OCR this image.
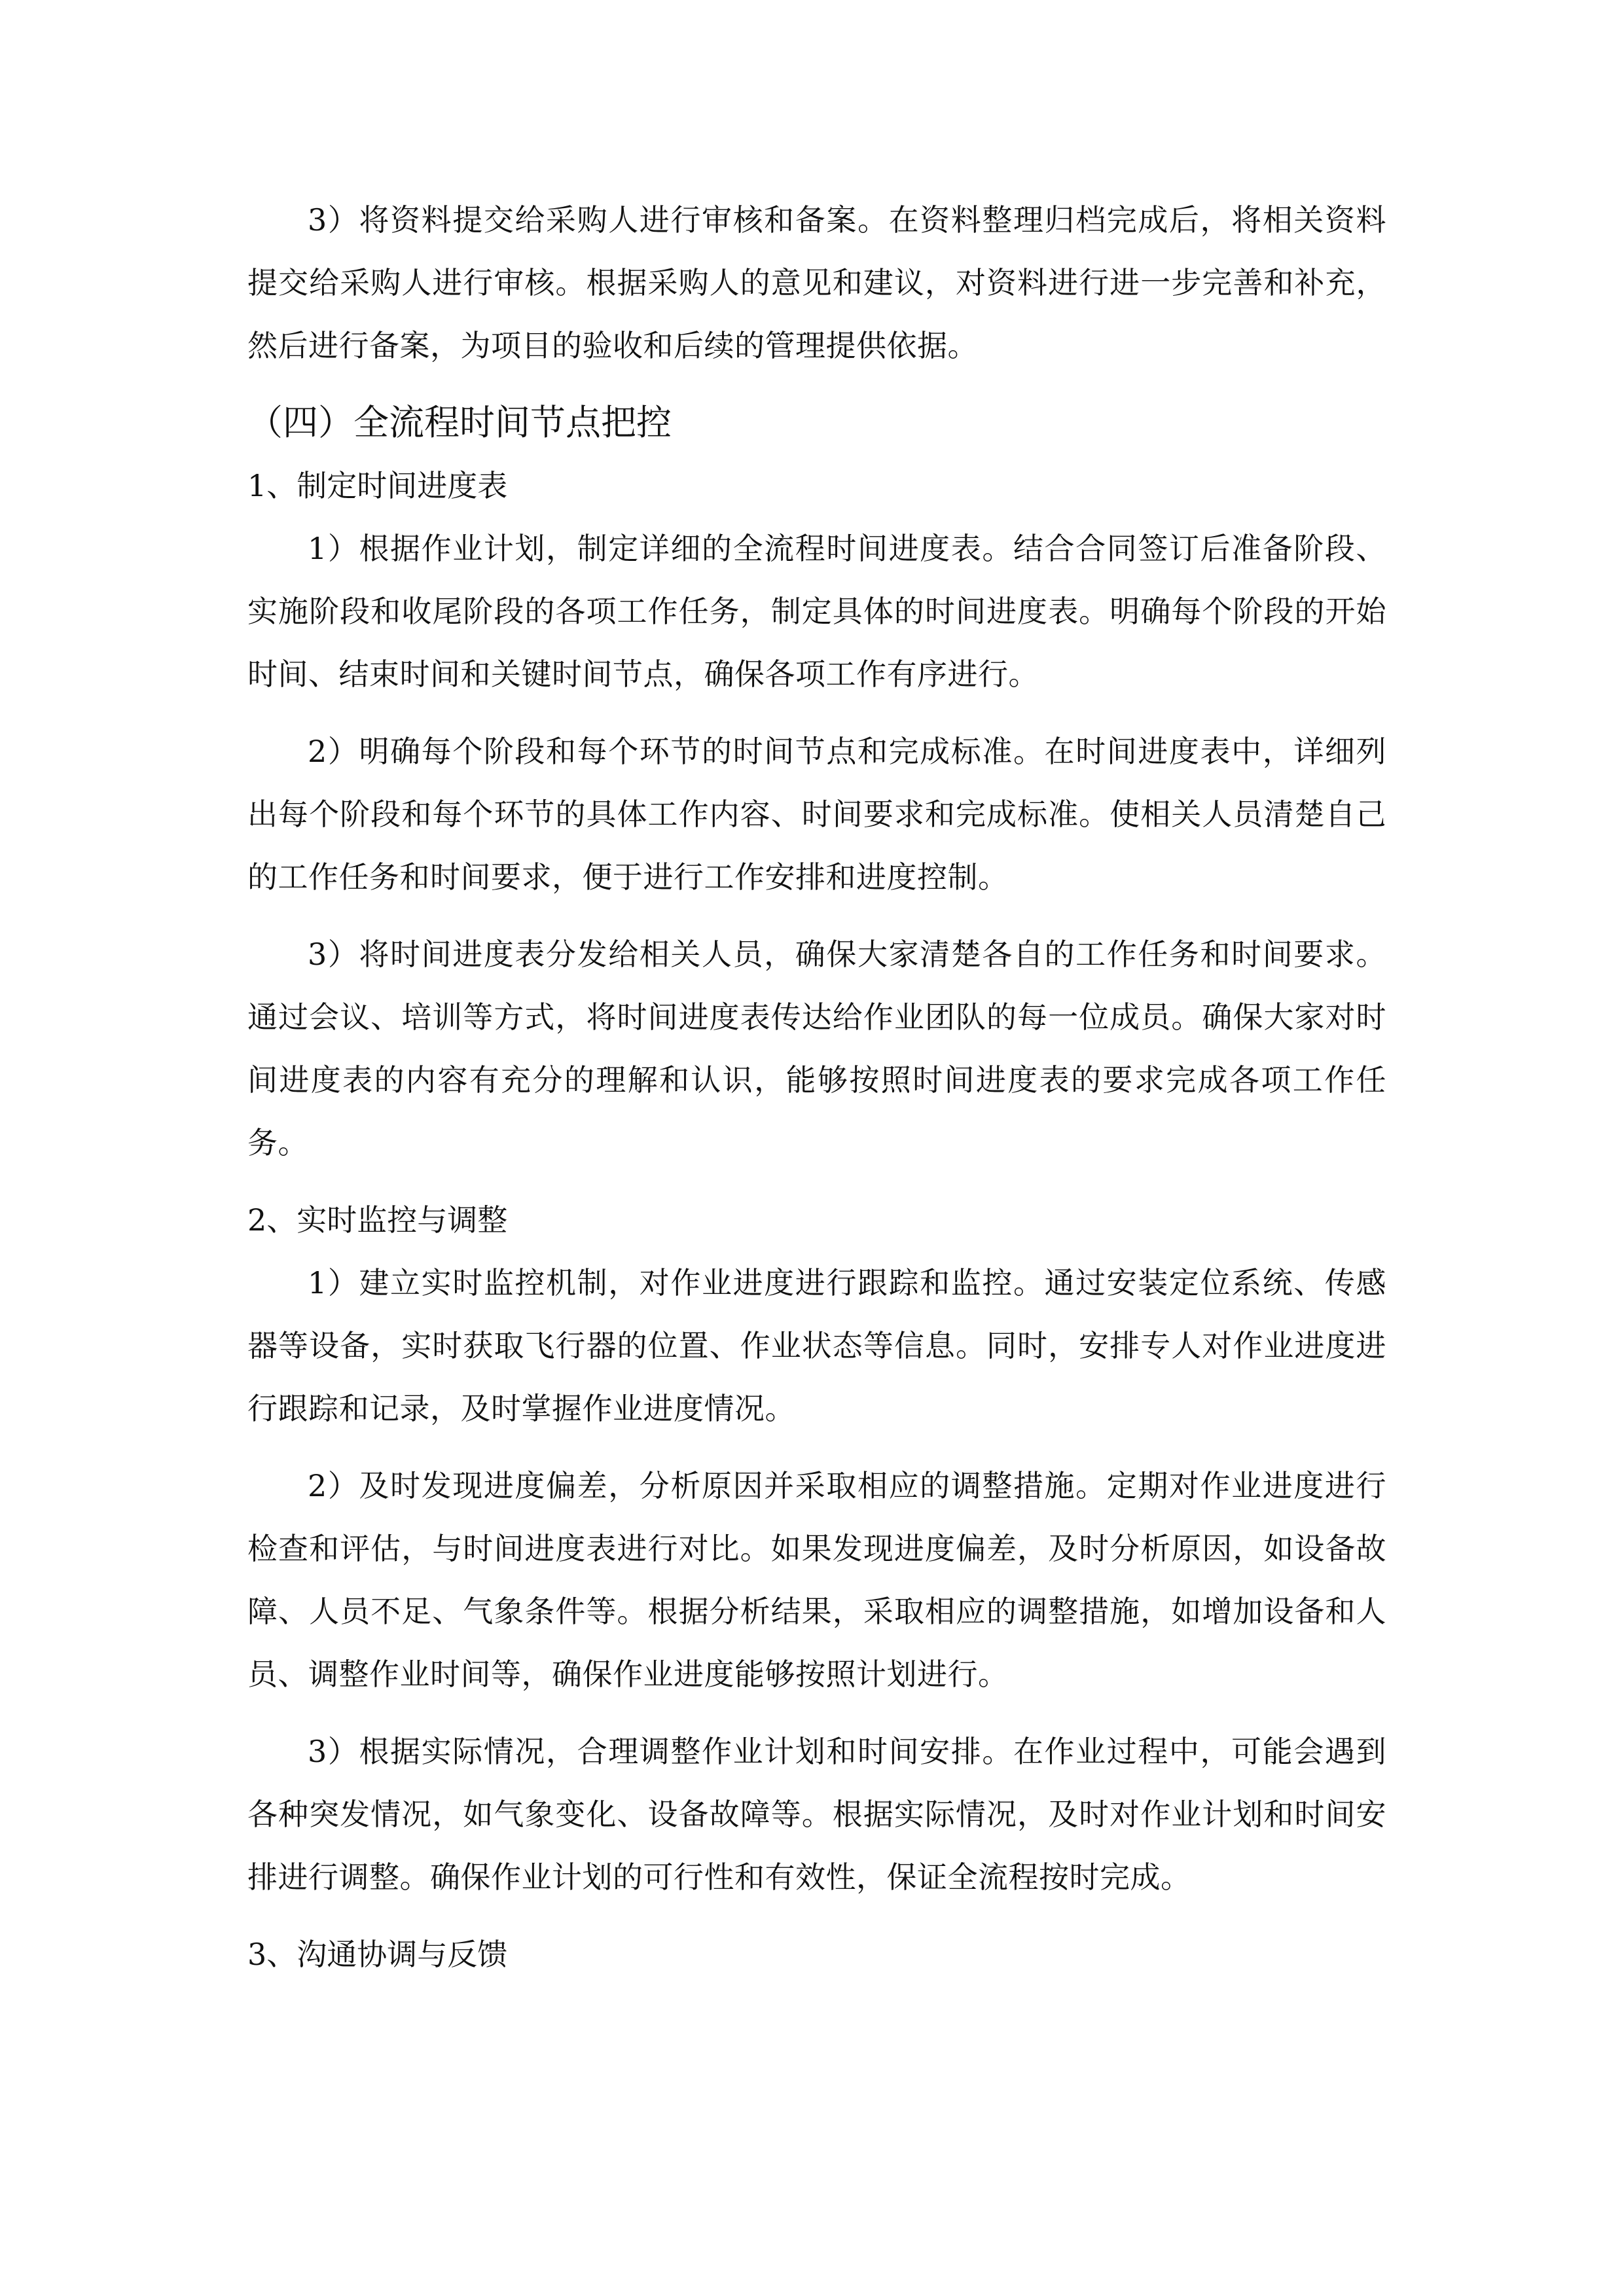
3）将资料提交给采购人进行审核和备案。在资料整理归档完成后，将相关资料提交给采购人进行审核。根据采购人的意见和建议，对资料进行进一步完善和补充，然后进行备案，为项目的验收和后续的管理提供依据。

（四）全流程时间节点把控
1、制定时间进度表

1）根据作业计划，制定详细的全流程时间进度表。结合合同签订后准备阶段、实施阶段和收尾阶段的各项工作任务，制定具体的时间进度表。明确每个阶段的开始时间、结束时间和关键时间节点，确保各项工作有序进行。

2）明确每个阶段和每个环节的时间节点和完成标准。在时间进度表中，详细列出每个阶段和每个环节的具体工作内容、时间要求和完成标准。使相关人员清楚自己的工作任务和时间要求，便于进行工作安排和进度控制。

3）将时间进度表分发给相关人员，确保大家清楚各自的工作任务和时间要求。通过会议、培训等方式，将时间进度表传达给作业团队的每一位成员。确保大家对时间进度表的内容有充分的理解和认识，能够按照时间进度表的要求完成各项工作任务。

2、实时监控与调整

1）建立实时监控机制，对作业进度进行跟踪和监控。通过安装定位系统、传感器等设备，实时获取飞行器的位置、作业状态等信息。同时，安排专人对作业进度进行跟踪和记录，及时掌握作业进度情况。

2）及时发现进度偏差，分析原因并采取相应的调整措施。定期对作业进度进行检查和评估，与时间进度表进行对比。如果发现进度偏差，及时分析原因，如设备故障、人员不足、气象条件等。根据分析结果，采取相应的调整措施，如增加设备和人员、调整作业时间等，确保作业进度能够按照计划进行。

3）根据实际情况，合理调整作业计划和时间安排。在作业过程中，可能会遇到各种突发情况，如气象变化、设备故障等。根据实际情况，及时对作业计划和时间安排进行调整。确保作业计划的可行性和有效性，保证全流程按时完成。

3、沟通协调与反馈
